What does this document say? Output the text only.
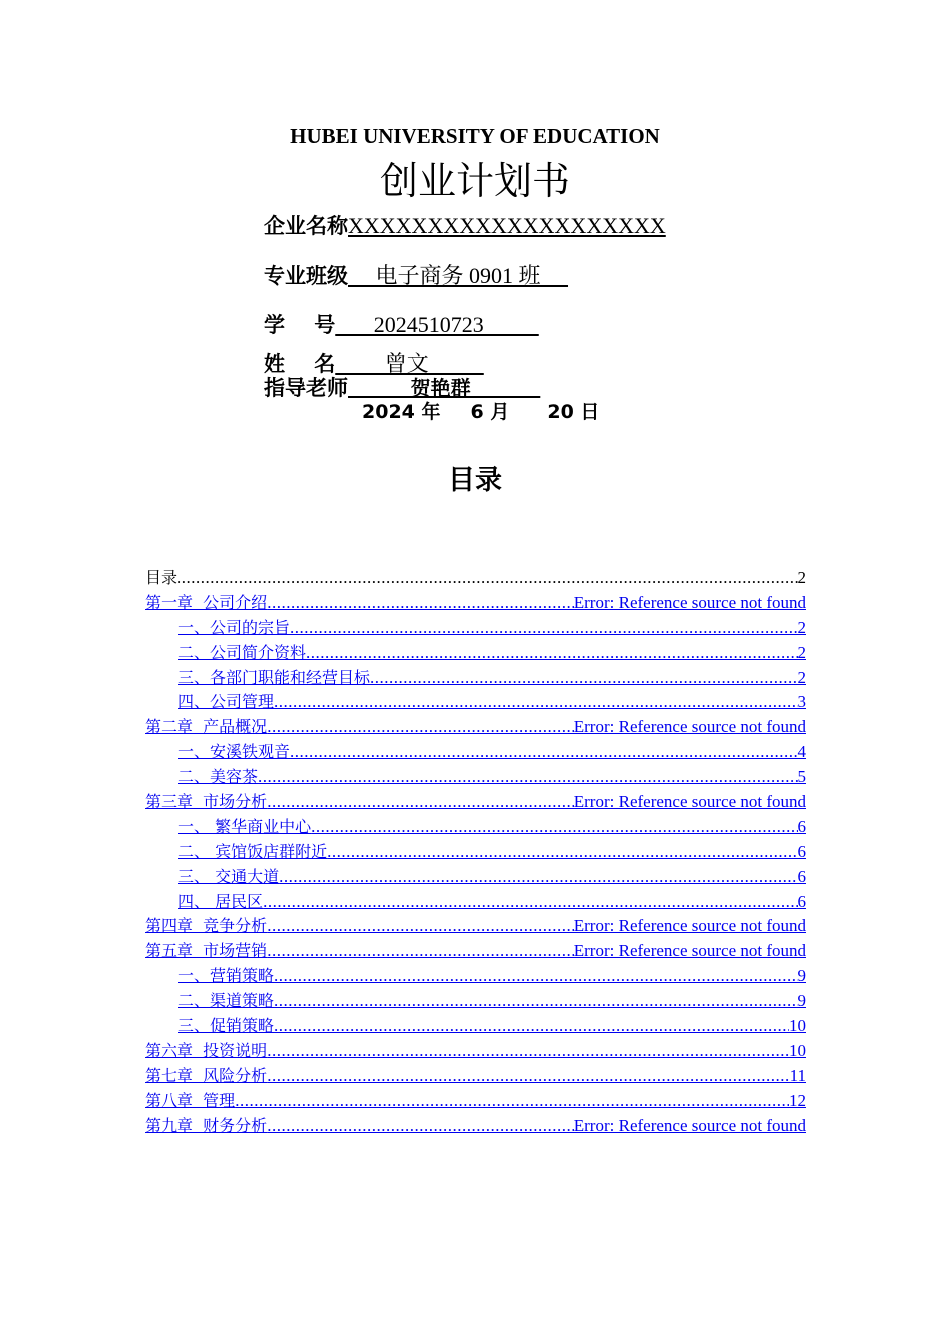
HUBEI UNIVERSITY OF EDUCATION
创业计划书
企业名称XXXXXXXXXXXXXXXXXXXX
专业班级     电子商务 0901 班
学    号       2024510723
姓    名         曾文
指导老师         贺艳群
2024 年 6 月 20 日
目录
目录 .....	2
第一章  公司介绍 .....	Error: Reference source not found
一、公司的宗旨 .....	2
二、公司简介资料 .....	2
三、各部门职能和经营目标 .....	2
四、公司管理 .....	3
第二章  产品概况 .....	Error: Reference source not found
一、安溪铁观音 .....	4
二、美容茶 .....	5
第三章  市场分析 .....	Error: Reference source not found
一、 繁华商业中心 .....	6
二、 宾馆饭店群附近 .....	6
三、 交通大道 .....	6
四、 居民区 .....	6
第四章  竞争分析 .....	Error: Reference source not found
第五章  市场营销 .....	Error: Reference source not found
一、营销策略 .....	9
二、渠道策略 .....	9
三、促销策略 .....	10
第六章  投资说明 .....	10
第七章  风险分析 .....	11
第八章  管理 .....	12
第九章  财务分析 .....	Error: Reference source not found
